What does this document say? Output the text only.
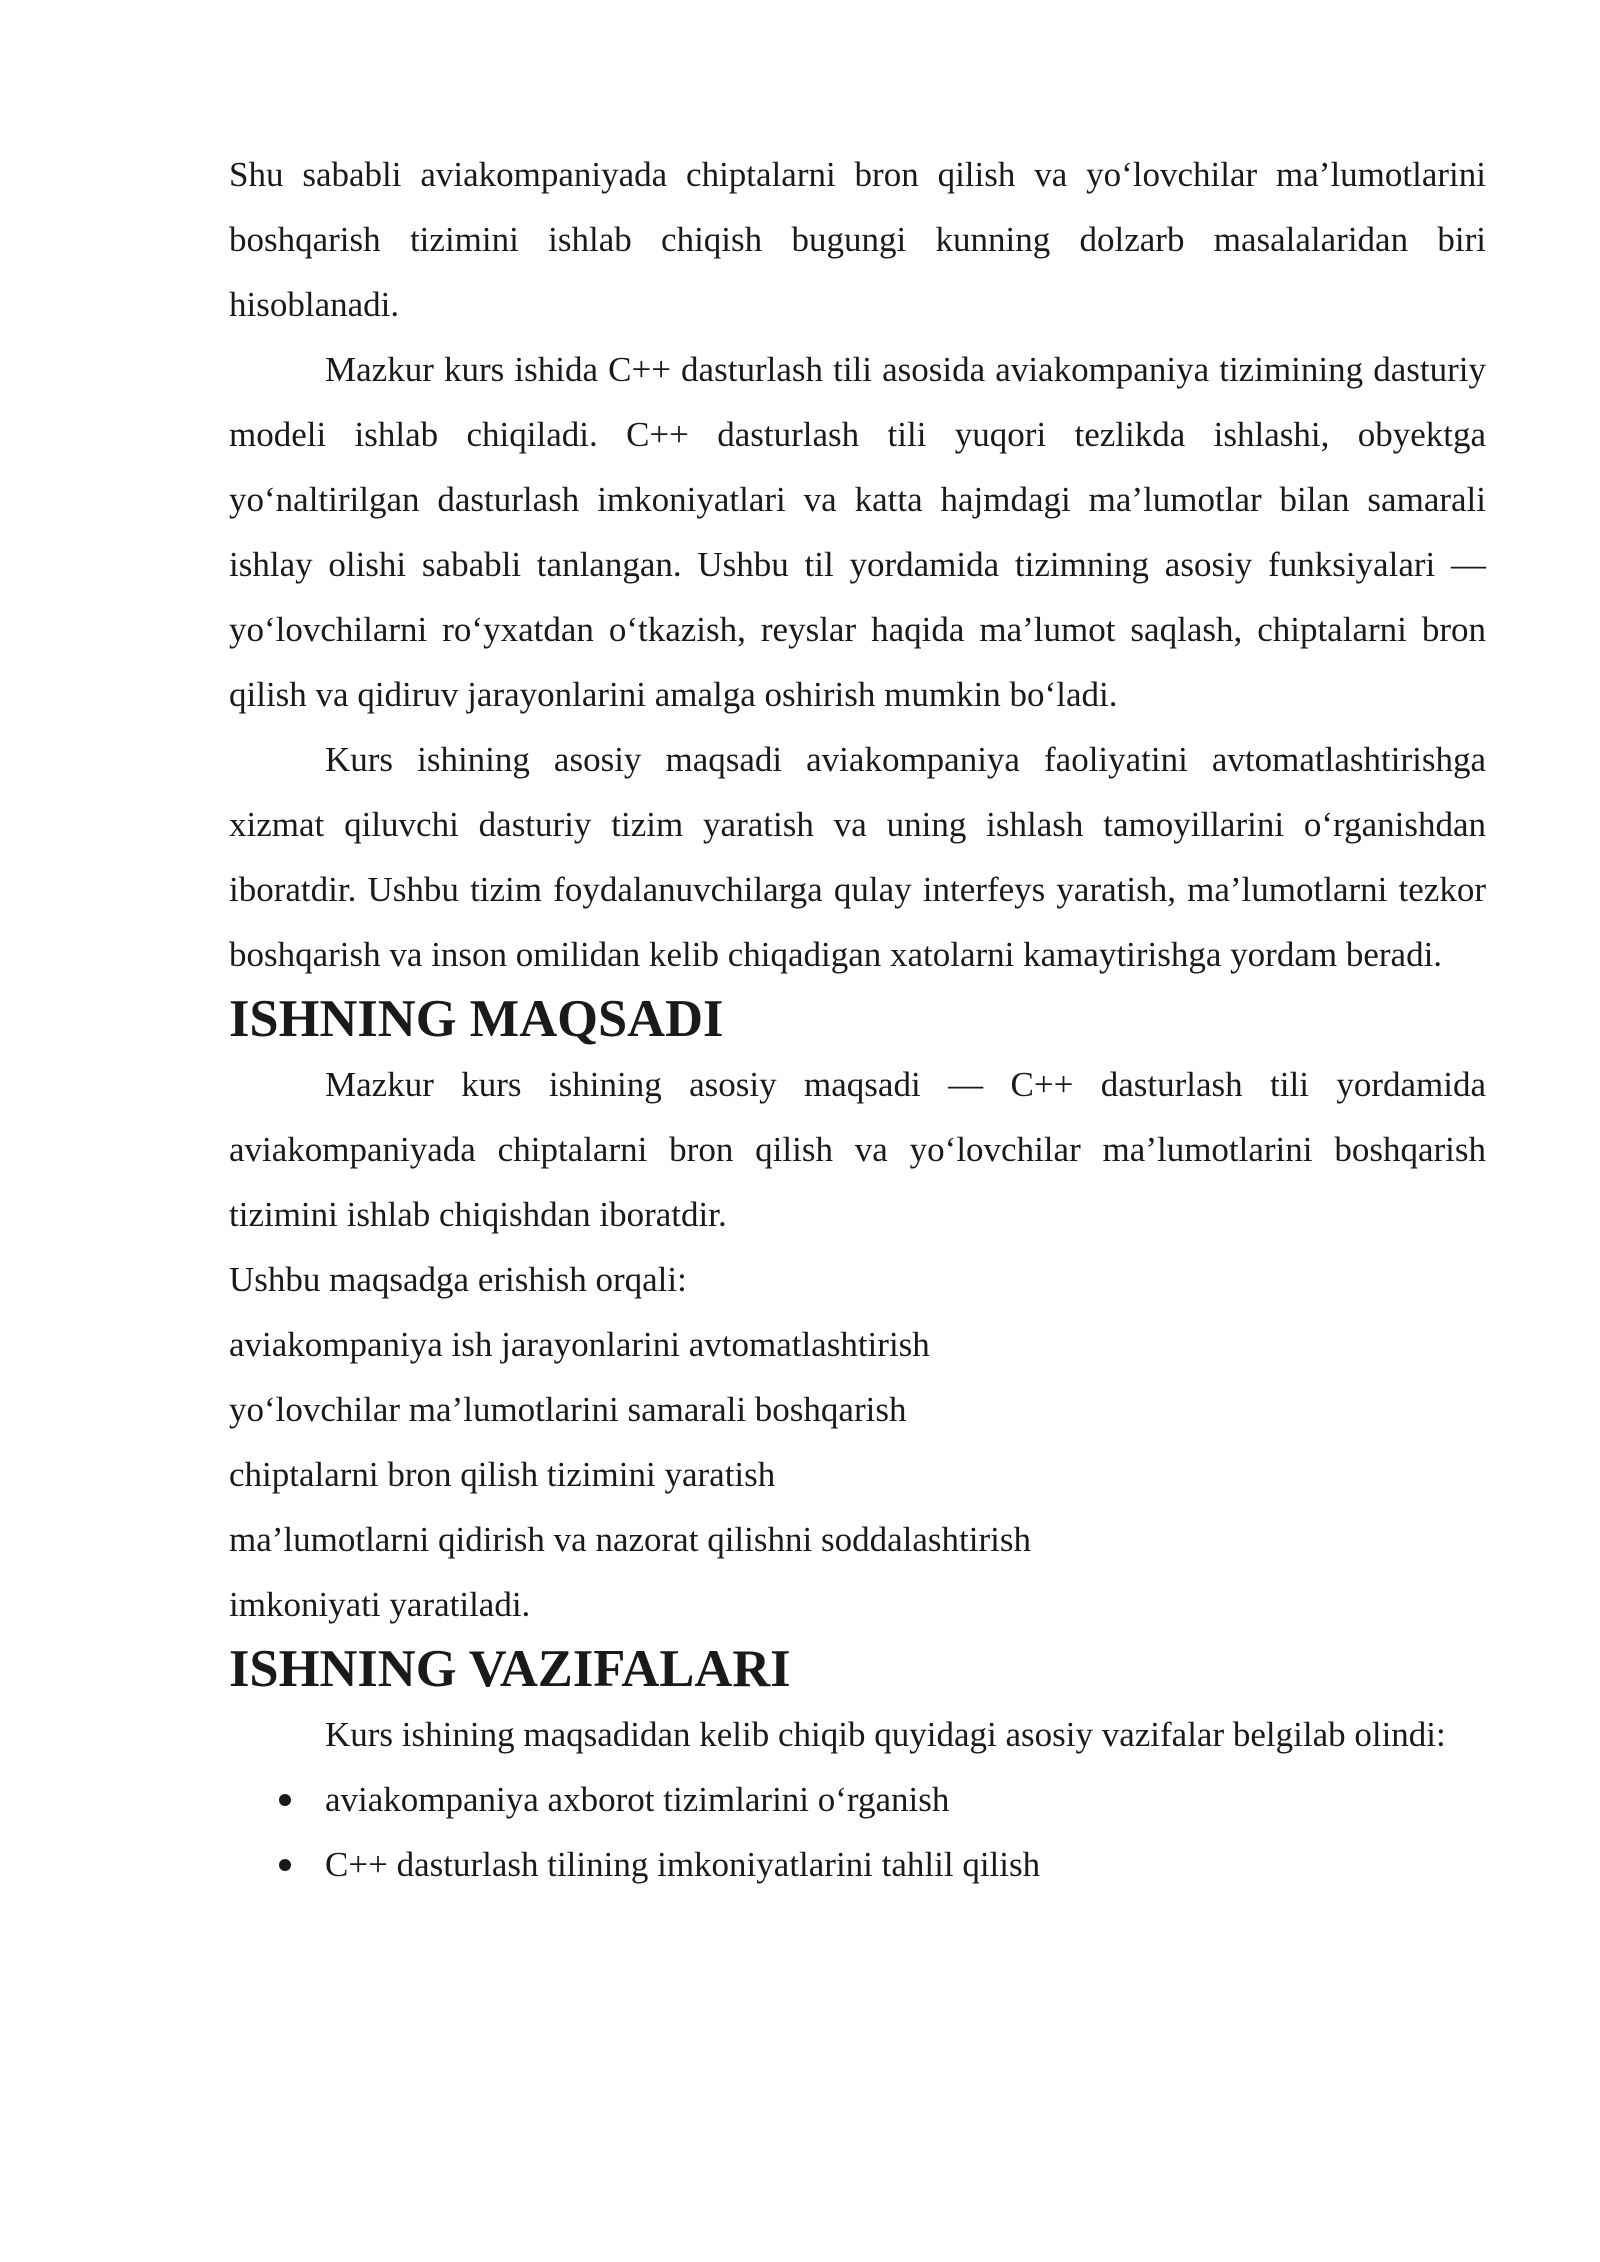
Shu sababli aviakompaniyada chiptalarni bron qilish va yo‘lovchilar ma’lumotlarini boshqarish tizimini ishlab chiqish bugungi kunning dolzarb masalalaridan biri hisoblanadi.

Mazkur kurs ishida C++ dasturlash tili asosida aviakompaniya tizimining dasturiy modeli ishlab chiqiladi. C++ dasturlash tili yuqori tezlikda ishlashi, obyektga yo‘naltirilgan dasturlash imkoniyatlari va katta hajmdagi ma’lumotlar bilan samarali ishlay olishi sababli tanlangan. Ushbu til yordamida tizimning asosiy funksiyalari — yo‘lovchilarni ro‘yxatdan o‘tkazish, reyslar haqida ma’lumot saqlash, chiptalarni bron qilish va qidiruv jarayonlarini amalga oshirish mumkin bo‘ladi.

Kurs ishining asosiy maqsadi aviakompaniya faoliyatini avtomatlashtirishga xizmat qiluvchi dasturiy tizim yaratish va uning ishlash tamoyillarini o‘rganishdan iboratdir. Ushbu tizim foydalanuvchilarga qulay interfeys yaratish, ma’lumotlarni tezkor boshqarish va inson omilidan kelib chiqadigan xatolarni kamaytirishga yordam beradi.

ISHNING MAQSADI

Mazkur kurs ishining asosiy maqsadi — C++ dasturlash tili yordamida aviakompaniyada chiptalarni bron qilish va yo‘lovchilar ma’lumotlarini boshqarish tizimini ishlab chiqishdan iboratdir.

Ushbu maqsadga erishish orqali:

aviakompaniya ish jarayonlarini avtomatlashtirish

yo‘lovchilar ma’lumotlarini samarali boshqarish

chiptalarni bron qilish tizimini yaratish

ma’lumotlarni qidirish va nazorat qilishni soddalashtirish

imkoniyati yaratiladi.

ISHNING VAZIFALARI

Kurs ishining maqsadidan kelib chiqib quyidagi asosiy vazifalar belgilab olindi:

aviakompaniya axborot tizimlarini o‘rganish
C++ dasturlash tilining imkoniyatlarini tahlil qilish
